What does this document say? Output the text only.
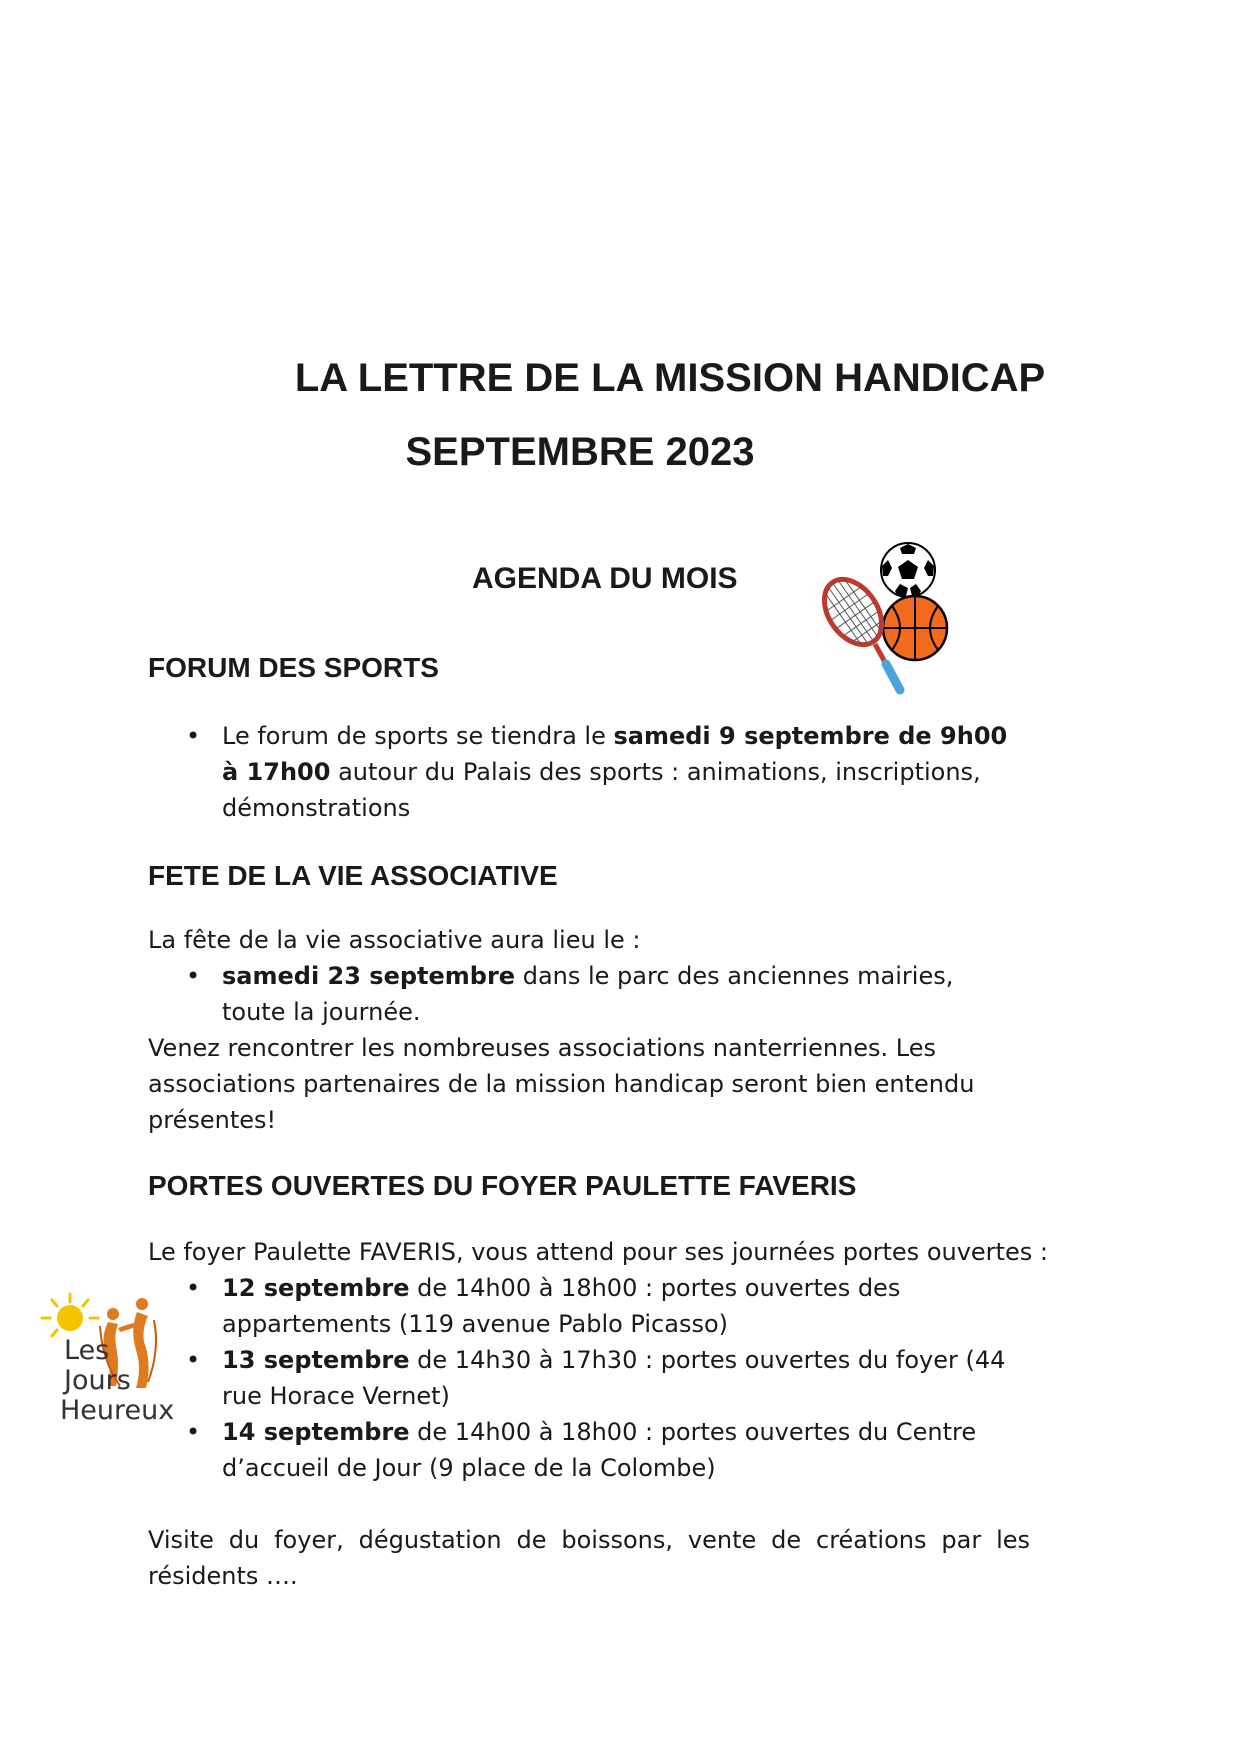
LA LETTRE DE LA MISSION HANDICAP
SEPTEMBRE 2023
AGENDA DU MOIS
FORUM DES SPORTS
• Le forum de sports se tiendra le samedi 9 septembre de 9h00 à 17h00 autour du Palais des sports : animations, inscriptions, démonstrations
FETE DE LA VIE ASSOCIATIVE

La fête de la vie associative aura lieu le :

• samedi 23 septembre dans le parc des anciennes mairies, toute la journée.

Venez rencontrer les nombreuses associations nanterriennes. Les associations partenaires de la mission handicap seront bien entendu présentes!

PORTES OUVERTES DU FOYER PAULETTE FAVERIS

Le foyer Paulette FAVERIS, vous attend pour ses journées portes ouvertes :

• 12 septembre de 14h00 à 18h00 : portes ouvertes des appartements (119 avenue Pablo Picasso)
• 13 septembre de 14h30 à 17h30 : portes ouvertes du foyer (44 rue Horace Vernet)
• 14 septembre de 14h00 à 18h00 : portes ouvertes du Centre d’accueil de Jour (9 place de la Colombe)

Visite du foyer, dégustation de boissons, vente de créations par les résidents ….

Les
Jours
Heureux
